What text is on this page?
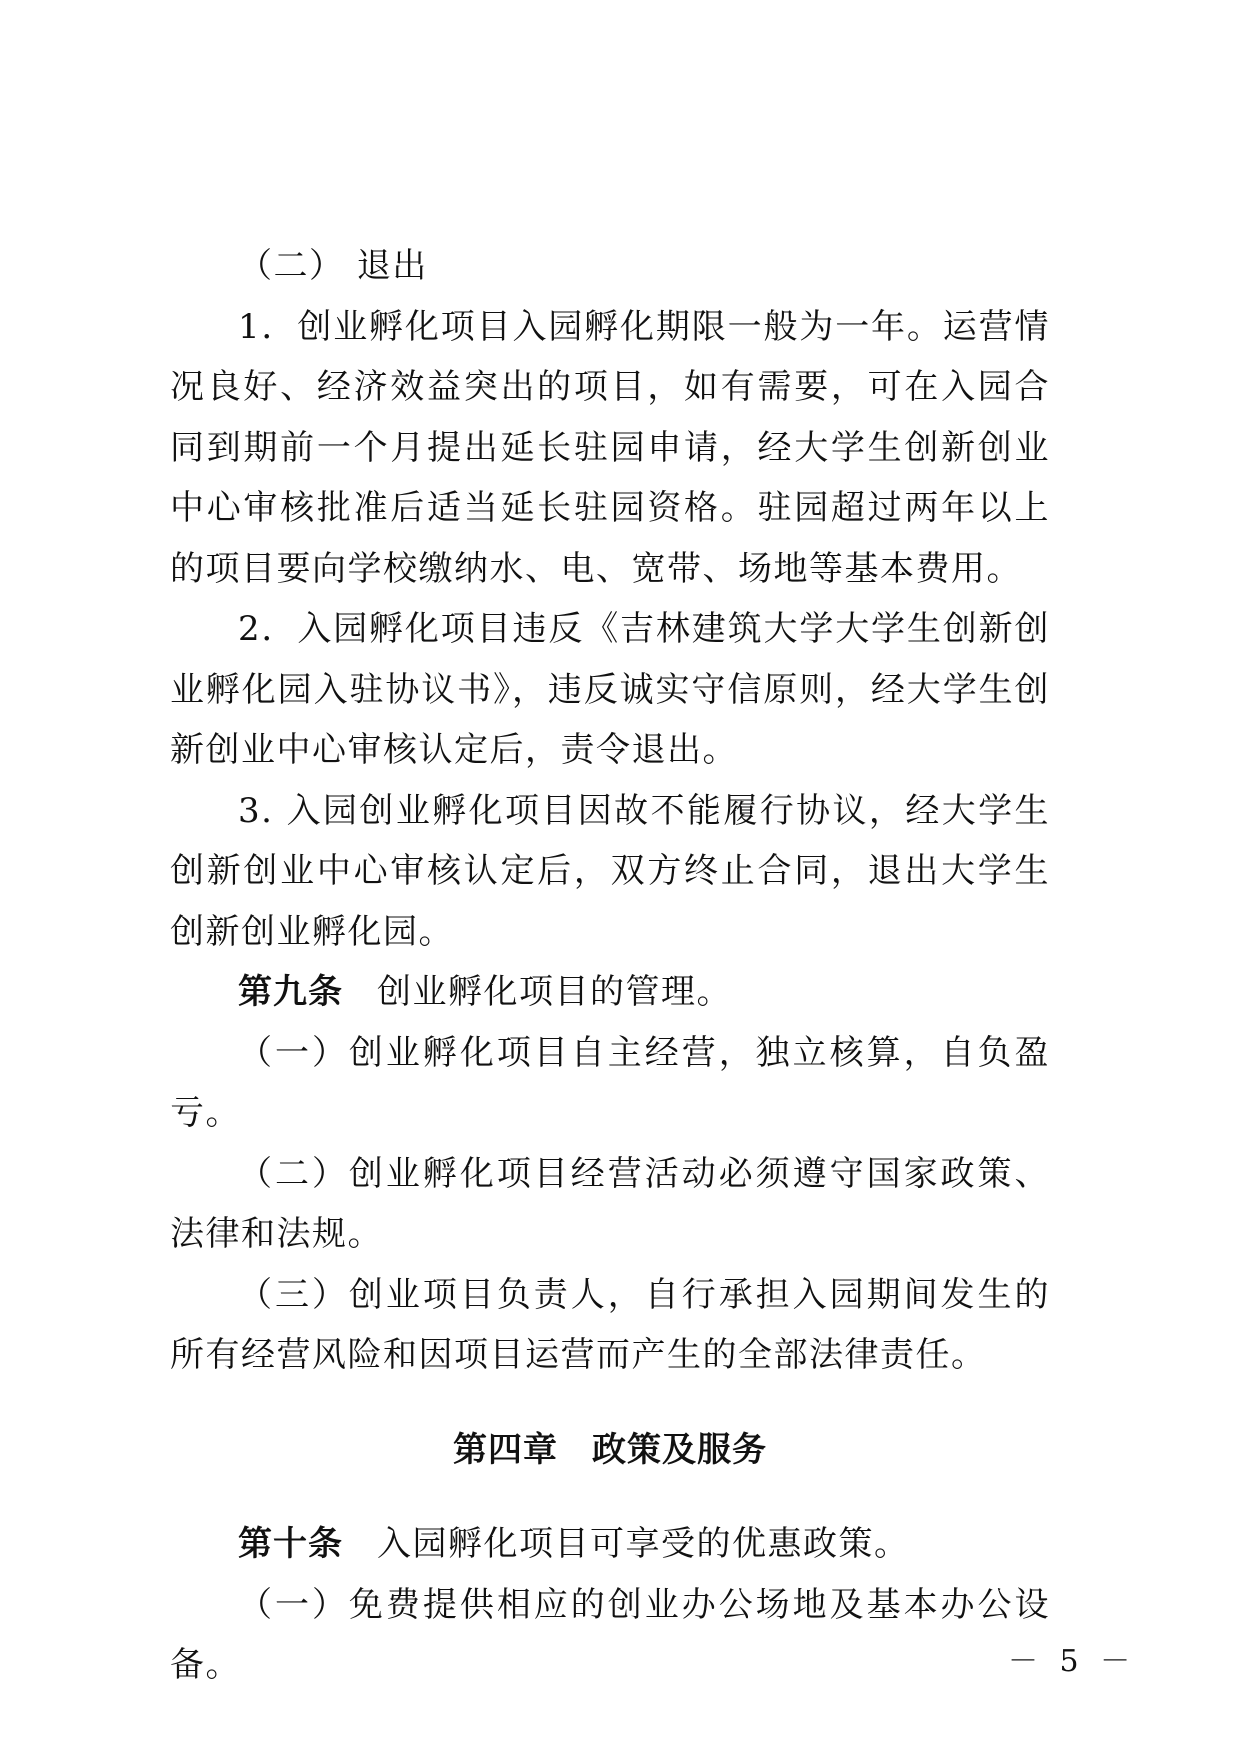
（二） 退出

1．创业孵化项目入园孵化期限一般为一年。运营情况良好、经济效益突出的项目，如有需要，可在入园合同到期前一个月提出延长驻园申请，经大学生创新创业中心审核批准后适当延长驻园资格。驻园超过两年以上的项目要向学校缴纳水、电、宽带、场地等基本费用。

2．入园孵化项目违反《吉林建筑大学大学生创新创业孵化园入驻协议书》，违反诚实守信原则，经大学生创新创业中心审核认定后，责令退出。

3. 入园创业孵化项目因故不能履行协议，经大学生创新创业中心审核认定后，双方终止合同，退出大学生创新创业孵化园。

第九条 创业孵化项目的管理。

（一）创业孵化项目自主经营，独立核算，自负盈亏。

（二）创业孵化项目经营活动必须遵守国家政策、法律和法规。

（三）创业项目负责人，自行承担入园期间发生的所有经营风险和因项目运营而产生的全部法律责任。

第四章 政策及服务

第十条 入园孵化项目可享受的优惠政策。

（一）免费提供相应的创业办公场地及基本办公设备。	－ 5 －
